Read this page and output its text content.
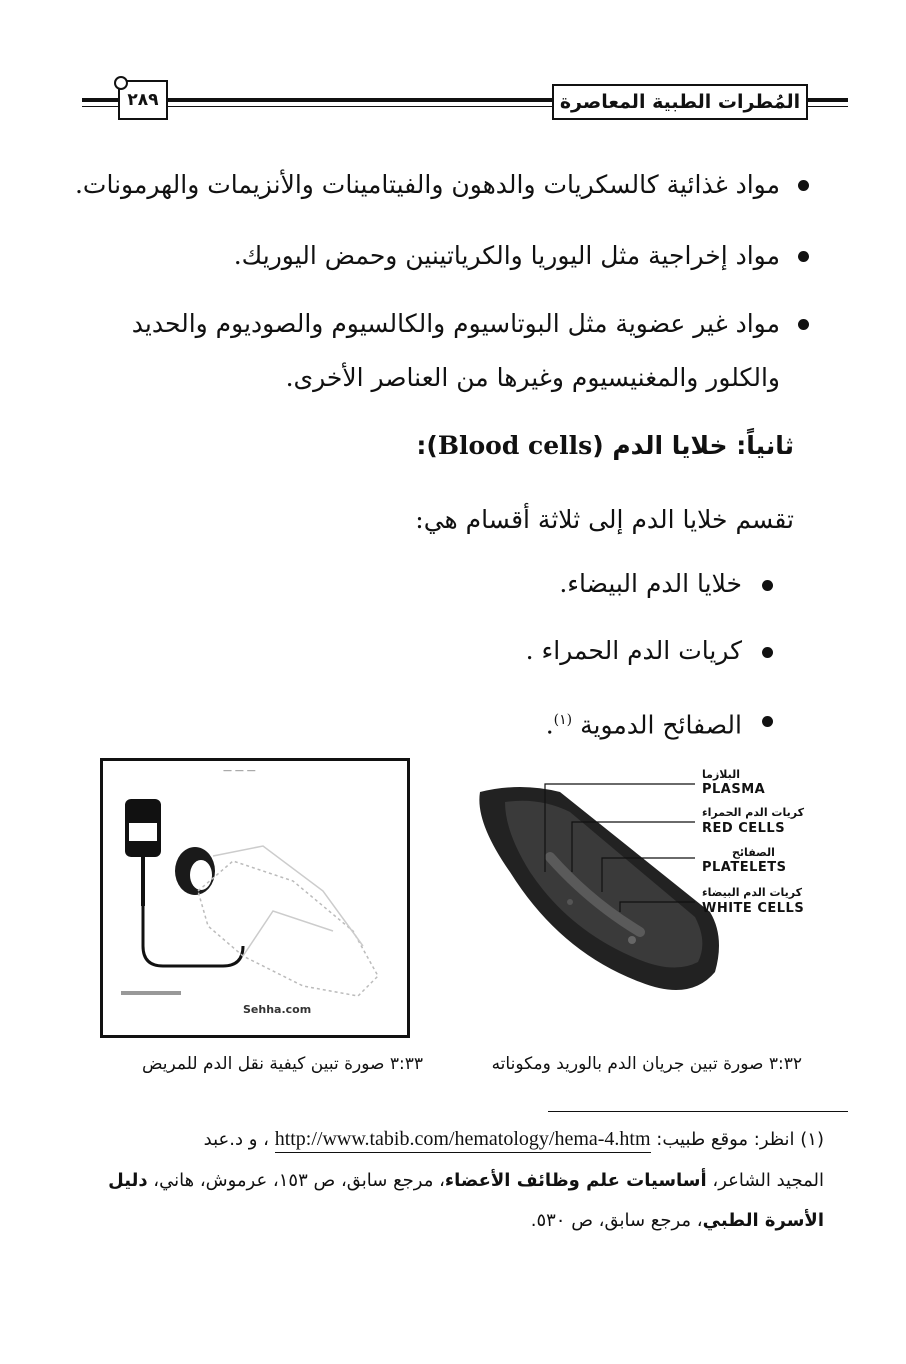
٢٨٩	المُطرات الطبية المعاصرة
مواد غذائية كالسكريات والدهون والفيتامينات والأنزيمات والهرمونات.
مواد إخراجية مثل اليوريا والكرياتينين وحمض اليوريك.
مواد غير عضوية مثل البوتاسيوم والكالسيوم والصوديوم والحديد
والكلور والمغنيسيوم وغيرها من العناصر الأخرى.
ثانياً: خلايا الدم (Blood cells):
تقسم خلايا الدم إلى ثلاثة أقسام هي:
خلايا الدم البيضاء.
كريات الدم الحمراء .
الصفائح الدموية $^{(١)}$.
— — —
Sehha.com
٣:٣٣ صورة تبين كيفية نقل الدم للمريض
البلازما
PLASMA
كريات الدم الحمراء
RED CELLS
الصفائح
PLATELETS
كريات الدم البيضاء
WHITE CELLS
٣:٣٢ صورة تبين جريان الدم بالوريد ومكوناته
(١) انظر: موقع طبيب: http://www.tabib.com/hematology/hema-4.htm ، و د.عبد
المجيد الشاعر، أساسيات علم وظائف الأعضاء، مرجع سابق، ص ١٥٣، عرموش، هاني، دليل
الأسرة الطبي، مرجع سابق، ص ٥٣٠.
